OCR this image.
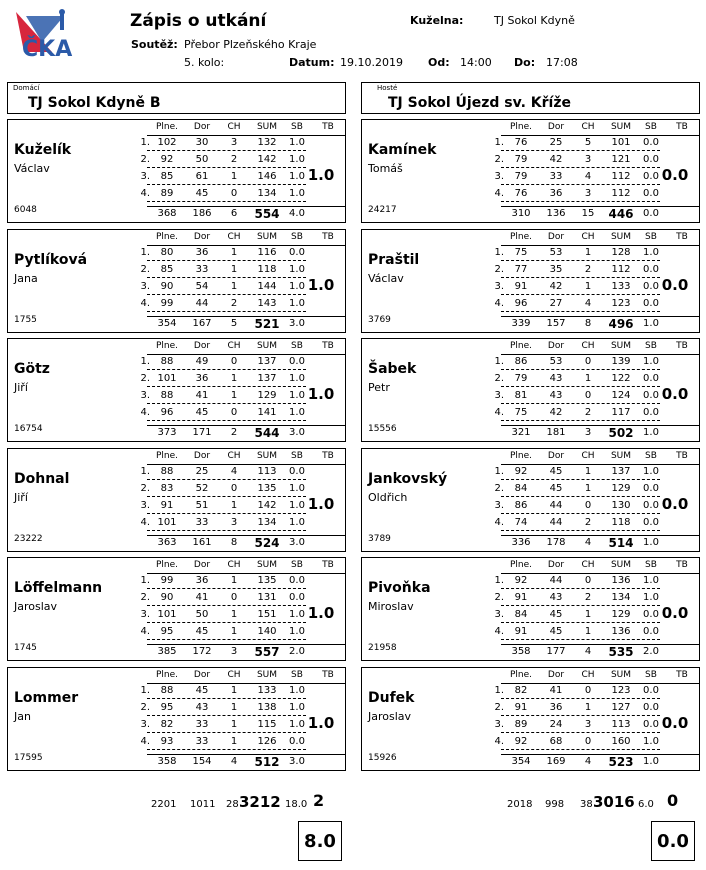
ČKA
Zápis o utkání	Kuželna:	TJ Sokol Kdyně
Soutěž: Přebor Plzeňského Kraje
5. kolo:	Datum: 19.10.2019 Od: 14:00 Do: 17:08
Domácí
TJ Sokol Kdyně B
Hosté
TJ Sokol Újezd sv. Kříže
Kuželík
Václav
6048
Plne.	Dor	CH	SUM	SB	TB
1. 102	30	3	132	1.0
2.	92	50	2	142	1.0
3.	85	61	1	146	1.0
4.	89	45	0	134	1.0
368	186	6	554 4.0
1.0
Pytlíková
Jana
1755
Plne.	Dor	CH	SUM	SB	TB
1.	80	36	1	116	0.0
2.	85	33	1	118	1.0
3.	90	54	1	144	1.0
4.	99	44	2	143	1.0
354	167	5	521 3.0
1.0
Götz
Jiří
16754
Plne.	Dor	CH	SUM	SB	TB
1.	88	49	0	137	0.0
2. 101	36	1	137	1.0
3.	88	41	1	129	1.0
4.	96	45	0	141	1.0
373	171	2	544 3.0
1.0
Dohnal
Jiří
23222
Plne.	Dor	CH	SUM	SB	TB
1.	88	25	4	113	0.0
2.	83	52	0	135	1.0
3.	91	51	1	142	1.0
4. 101	33	3	134	1.0
363	161	8	524 3.0
1.0
Löffelmann
Jaroslav
1745
Plne.	Dor	CH	SUM	SB	TB
1.	99	36	1	135	0.0
2.	90	41	0	131	0.0
3. 101	50	1	151	1.0
4.	95	45	1	140	1.0
385	172	3	557 2.0
1.0
Lommer
Jan
17595
Plne.	Dor	CH	SUM	SB	TB
1.	88	45	1	133	1.0
2.	95	43	1	138	1.0
3.	82	33	1	115	1.0
4.	93	33	1	126	0.0
358	154	4	512 3.0
1.0
Kamínek
Tomáš
24217
Plne.	Dor	CH	SUM	SB	TB
1.	76	25	5	101	0.0
2.	79	42	3	121	0.0
3.	79	33	4	112	0.0
4.	76	36	3	112	0.0
310	136	15	446 0.0
0.0
Praštil
Václav
3769
Plne.	Dor	CH	SUM	SB	TB
1.	75	53	1	128	1.0
2.	77	35	2	112	0.0
3.	91	42	1	133	0.0
4.	96	27	4	123	0.0
339	157	8	496 1.0
0.0
Šabek
Petr
15556
Plne.	Dor	CH	SUM	SB	TB
1.	86	53	0	139	1.0
2.	79	43	1	122	0.0
3.	81	43	0	124	0.0
4.	75	42	2	117	0.0
321	181	3	502 1.0
0.0
Jankovský
Oldřich
3789
Plne.	Dor	CH	SUM	SB	TB
1.	92	45	1	137	1.0
2.	84	45	1	129	0.0
3.	86	44	0	130	0.0
4.	74	44	2	118	0.0
336	178	4	514 1.0
0.0
Pivoňka
Miroslav
21958
Plne.	Dor	CH	SUM	SB	TB
1.	92	44	0	136	1.0
2.	91	43	2	134	1.0
3.	84	45	1	129	0.0
4.	91	45	1	136	0.0
358	177	4	535 2.0
0.0
Dufek
Jaroslav
15926
Plne.	Dor	CH	SUM	SB	TB
1.	82	41	0	123	0.0
2.	91	36	1	127	0.0
3.	89	24	3	113	0.0
4.	92	68	0	160	1.0
354	169	4	523 1.0
0.0
2201 1011 28 3212 18.0 2
8.0
2018 998 38 3016 6.0 0
0.0
